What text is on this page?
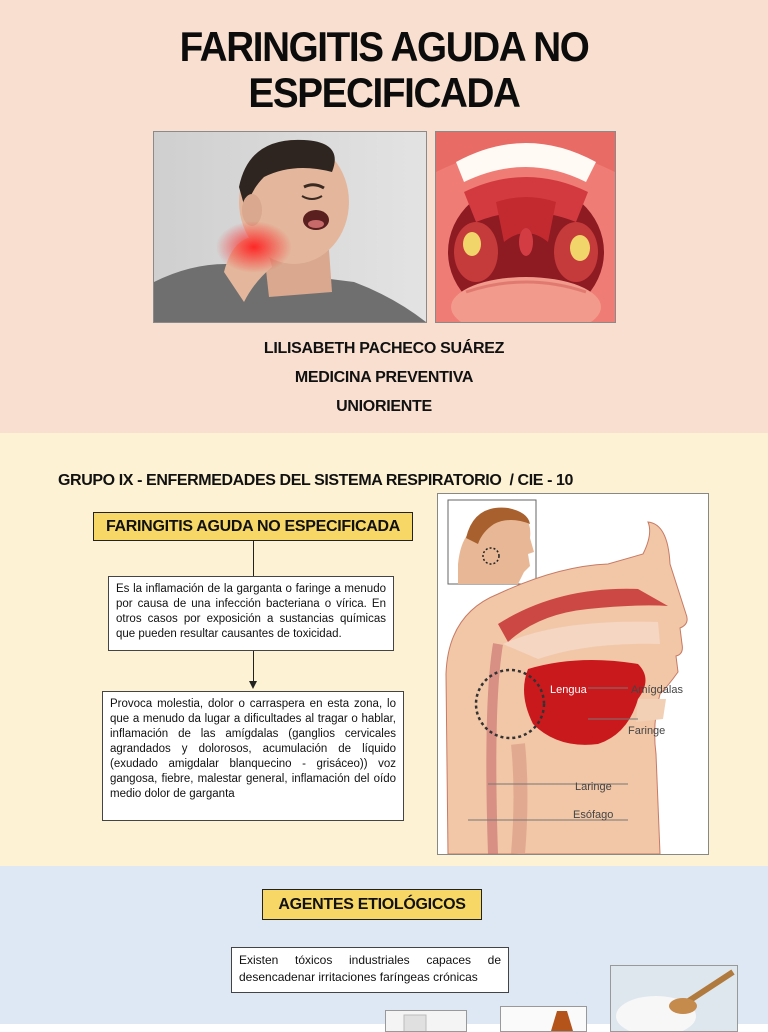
FARINGITIS AGUDA NO
ESPECIFICADA
LILISABETH PACHECO SUÁREZ
MEDICINA PREVENTIVA
UNIORIENTE
GRUPO IX - ENFERMEDADES DEL SISTEMA RESPIRATORIO  / CIE - 10
FARINGITIS AGUDA NO ESPECIFICADA
Es la inflamación de la garganta o faringe a menudo por causa de una infección bacteriana o vírica. En otros casos por exposición a sustancias químicas que pueden resultar causantes de toxicidad.
Provoca molestia, dolor o carraspera en esta zona, lo que a menudo da lugar a dificultades al tragar o hablar, inflamación de las amígdalas (ganglios cervicales agrandados y dolorosos, acumulación de líquido (exudado amigdalar blanquecino - grisáceo)) voz gangosa, fiebre, malestar general, inflamación del oído medio dolor de garganta
Lengua	Amígdalas
Faringe
Laringe
Esófago
AGENTES ETIOLÓGICOS
Existen tóxicos industriales capaces de desencadenar irritaciones faríngeas crónicas
